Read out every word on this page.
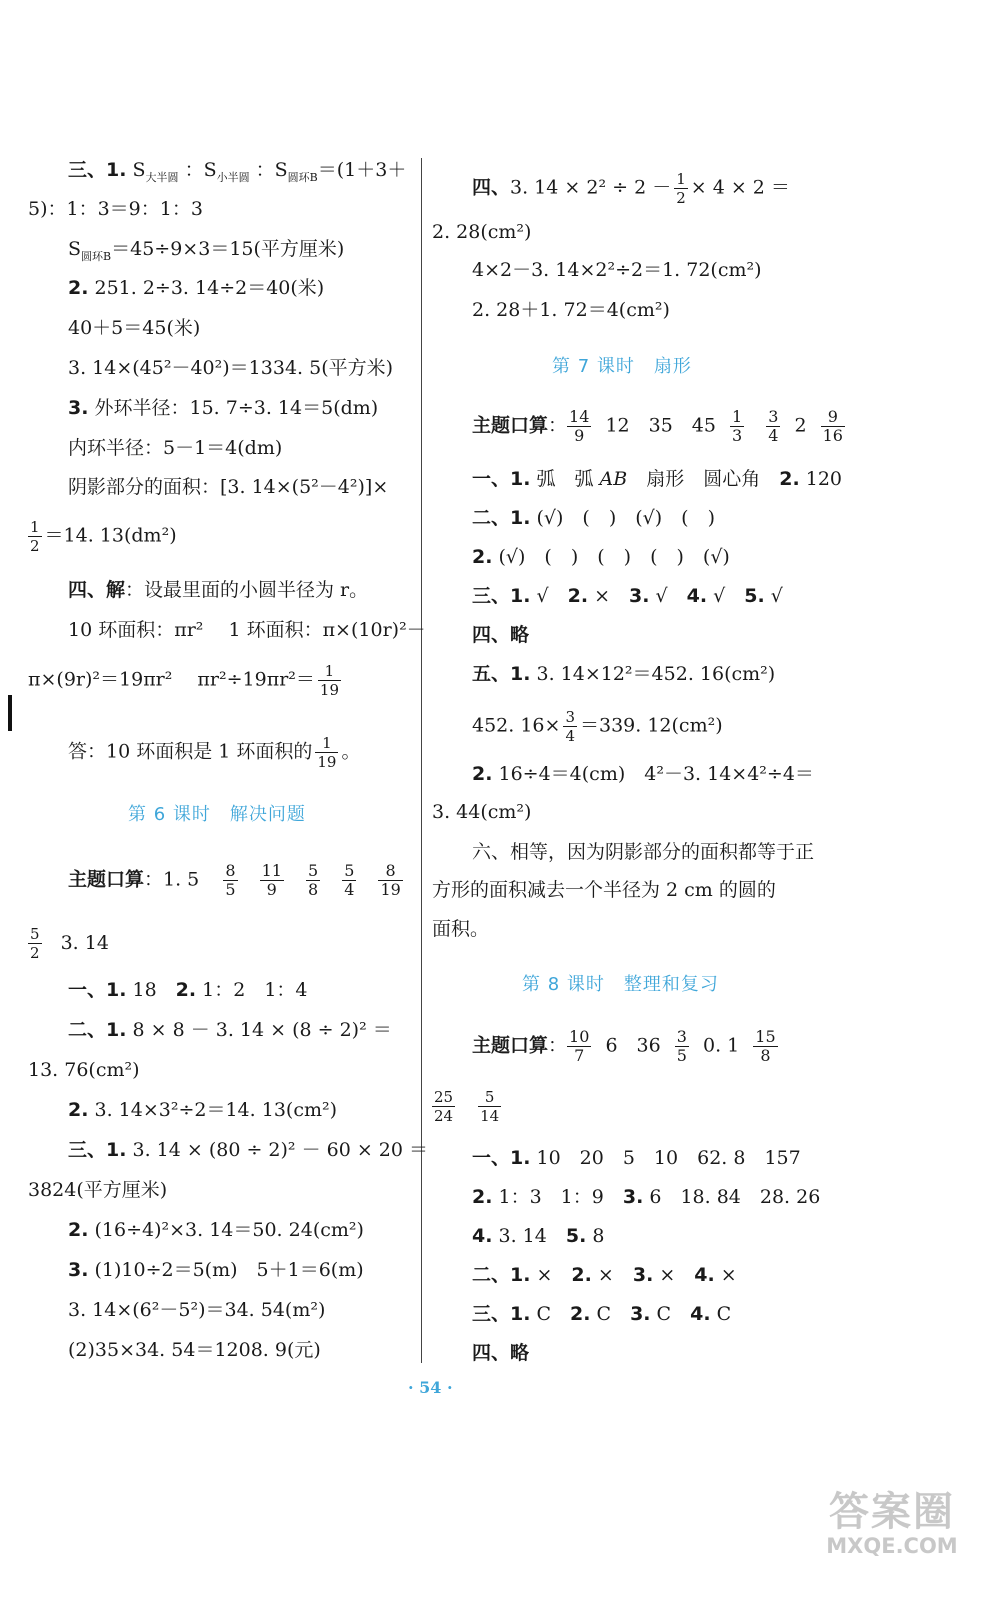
三、1. $S_{大半圆}$ ：$S_{小半圆}$ ：$S_{圆环B}=(1+3+$
5)：1：3＝9：1：3
$S_{圆环B}=45\div 9\times 3=15$(平方厘米)
2. 251. 2÷3. 14÷2＝40(米)
40＋5＝45(米)
3. 14×(45²－40²)＝1334. 5(平方米)
3. 外环半径：15. 7÷3. 14＝5(dm)
内环半径：5－1＝4(dm)
阴影部分的面积：[3. 14×(5²－4²)]×
$\frac{1}{2} =14$. 13(dm²)
四、解：设最里面的小圆半径为 r。
10 环面积：πr²　 1 环面积：π×(10r)²－
π×(9r)²＝19πr²　 $\pi r^2\div 19\pi r^2= \frac{1}{19}$
答：10 环面积是 1 环面积的 $\frac{1}{19}$ 。
第 6 课时　解决问题
主题口算：1. $5 \frac{8}{5}$
$\frac{11}{9}$
$\frac{5}{8}$
$\frac{5}{4}$
$\frac{8}{19}$
$\frac{5}{2} 3$. 14
一、1. 18　2. 1：2　1：4
二、1. 8 × 8 － 3. 14 × (8 ÷ 2)² ＝
13. 76(cm²)
2. 3. 14×3²÷2＝14. 13(cm²)
三、1. 3. 14 × (80 ÷ 2)² － 60 × 20 ＝
3824(平方厘米)
2. (16÷4)²×3. 14＝50. 24(cm²)
3. (1)10÷2＝5(m)　5＋1＝6(m)
3. 14×(6²－5²)＝34. 54(m²)
(2)35×34. 54＝1208. 9(元)
四、3. $14 \times 2^2 \div 2 - \frac{1}{2} \times 4 \times 2$ ＝
2. 28(cm²)
4×2－3. 14×2²÷2＝1. 72(cm²)
2. 28＋1. 72＝4(cm²)
第 7 课时　扇形
主题口算： $\frac{14}{9} 12$　35　$45 \frac{1}{3}$
$\frac{3}{4} 2 \frac{9}{16}$
一、1. 弧　弧 AB　扇形　圆心角　2. 120
二、1. (√)　(　)　(√)　(　)
2. (√)　(　)　(　)　(　)　(√)
三、1. √　2. ×　3. √　4. √　5. √
四、略
五、1. 3. 14×12²＝452. 16(cm²)
452. $16\times \frac{3}{4} =339$. 12(cm²)
2. 16÷4＝4(cm)　4²－3. 14×4²÷4＝
3. 44(cm²)
六、相等，因为阴影部分的面积都等于正
方形的面积减去一个半径为 2 cm 的圆的
面积。
第 8 课时　整理和复习
主题口算： $\frac{10}{7} 6$　$36 \frac{3}{5} 0$. $1 \frac{15}{8}$
$\frac{25}{24}$
$\frac{5}{14}$
一、1. 10　20　5　10　62. 8　157
2. 1：3　1：9　3. 6　18. 84　28. 26
4. 3. 14　5. 8
二、1. ×　2. ×　3. ×　4. ×
三、1. C　2. C　3. C　4. C
四、略
· 54 ·
答案圈
MXQE.COM
